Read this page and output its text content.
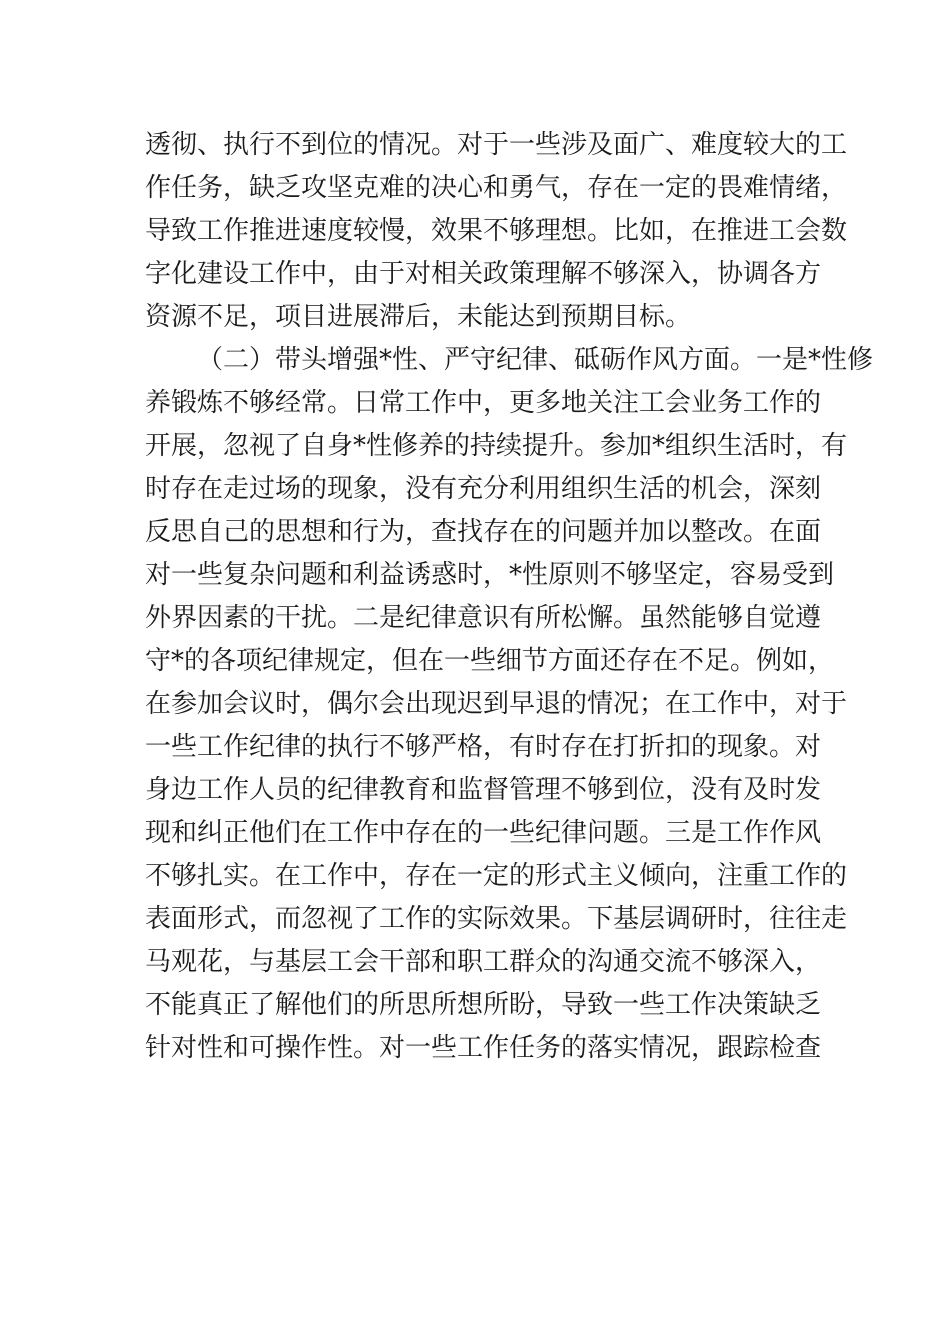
透彻、执行不到位的情况。对于一些涉及面广、难度较大的工
作任务，缺乏攻坚克难的决心和勇气，存在一定的畏难情绪，
导致工作推进速度较慢，效果不够理想。比如，在推进工会数
字化建设工作中，由于对相关政策理解不够深入，协调各方
资源不足，项目进展滞后，未能达到预期目标。
（二）带头增强*性、严守纪律、砥砺作风方面。一是*性修
养锻炼不够经常。日常工作中，更多地关注工会业务工作的
开展，忽视了自身*性修养的持续提升。参加*组织生活时，有
时存在走过场的现象，没有充分利用组织生活的机会，深刻
反思自己的思想和行为，查找存在的问题并加以整改。在面
对一些复杂问题和利益诱惑时，*性原则不够坚定，容易受到
外界因素的干扰。二是纪律意识有所松懈。虽然能够自觉遵
守*的各项纪律规定，但在一些细节方面还存在不足。例如，
在参加会议时，偶尔会出现迟到早退的情况；在工作中，对于
一些工作纪律的执行不够严格，有时存在打折扣的现象。对
身边工作人员的纪律教育和监督管理不够到位，没有及时发
现和纠正他们在工作中存在的一些纪律问题。三是工作作风
不够扎实。在工作中，存在一定的形式主义倾向，注重工作的
表面形式，而忽视了工作的实际效果。下基层调研时，往往走
马观花，与基层工会干部和职工群众的沟通交流不够深入，
不能真正了解他们的所思所想所盼，导致一些工作决策缺乏
针对性和可操作性。对一些工作任务的落实情况，跟踪检查
